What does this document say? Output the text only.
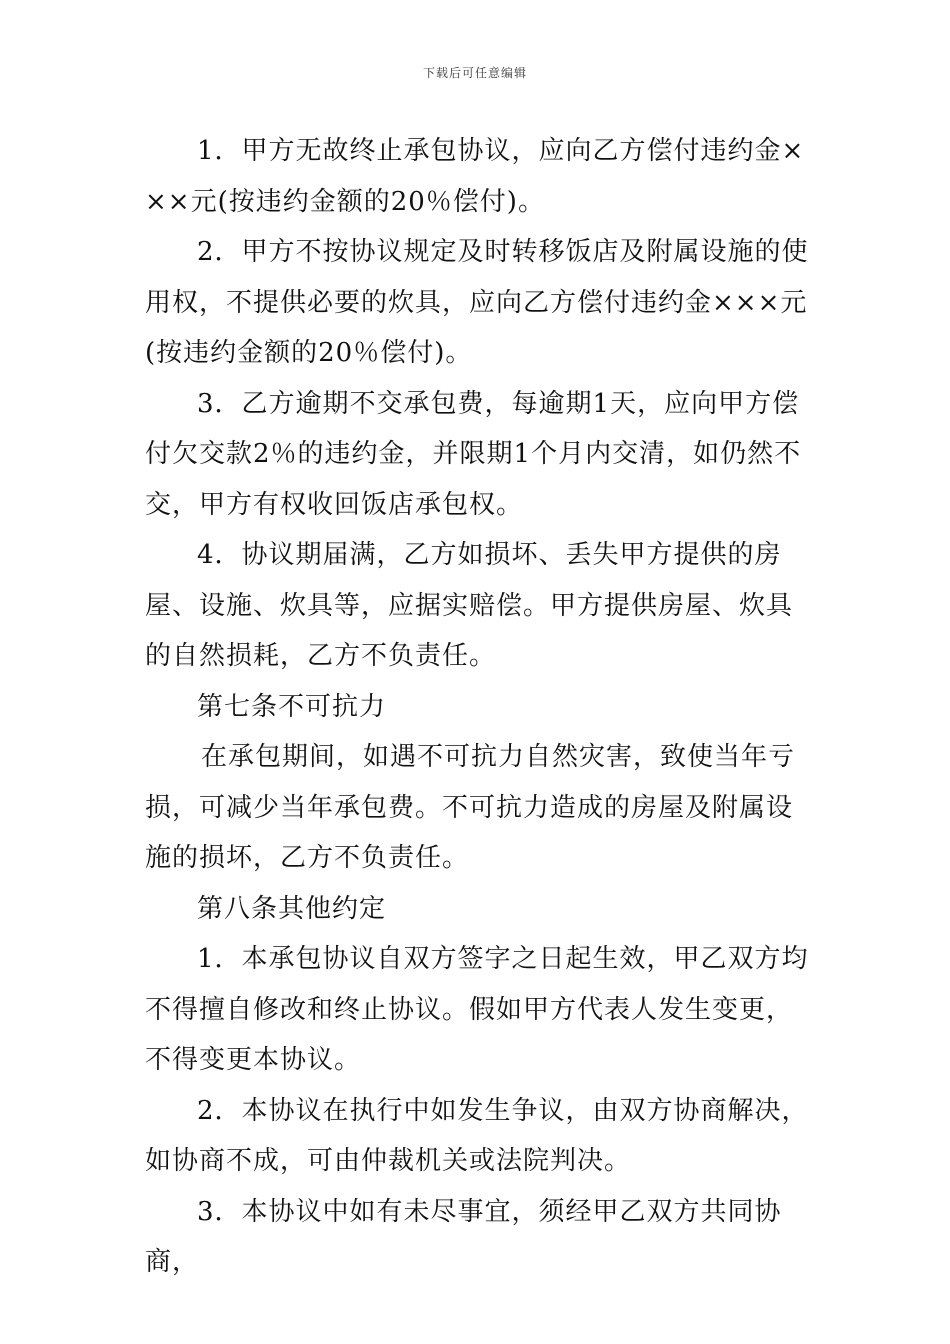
下载后可任意编辑

1．甲方无故终止承包协议，应向乙方偿付违约金×××元(按违约金额的20％偿付)。

2．甲方不按协议规定及时转移饭店及附属设施的使用权，不提供必要的炊具，应向乙方偿付违约金×××元(按违约金额的20％偿付)。

3．乙方逾期不交承包费，每逾期1天，应向甲方偿付欠交款2％的违约金，并限期1个月内交清，如仍然不交，甲方有权收回饭店承包权。

4．协议期届满，乙方如损坏、丢失甲方提供的房屋、设施、炊具等，应据实赔偿。甲方提供房屋、炊具的自然损耗，乙方不负责任。

第七条不可抗力

在承包期间，如遇不可抗力自然灾害，致使当年亏损，可减少当年承包费。不可抗力造成的房屋及附属设施的损坏，乙方不负责任。

第八条其他约定

1．本承包协议自双方签字之日起生效，甲乙双方均不得擅自修改和终止协议。假如甲方代表人发生变更，不得变更本协议。

2．本协议在执行中如发生争议，由双方协商解决，如协商不成，可由仲裁机关或法院判决。

3．本协议中如有未尽事宜，须经甲乙双方共同协商，
